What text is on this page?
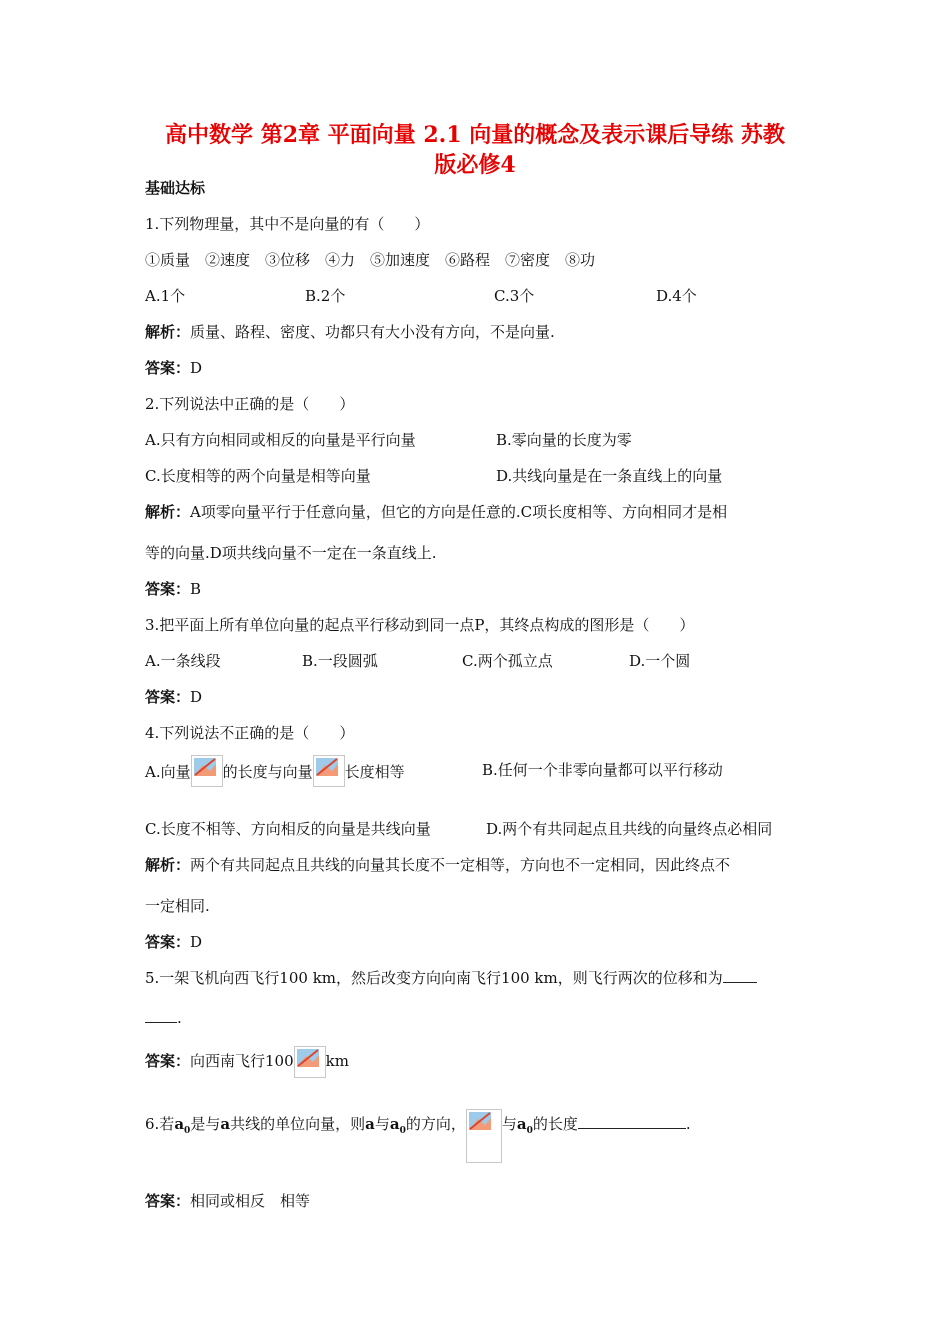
高中数学 第2章 平面向量 2.1 向量的概念及表示课后导练 苏教
版必修4
基础达标
1.下列物理量，其中不是向量的有（　　）
①质量　②速度　③位移　④力　⑤加速度　⑥路程　⑦密度　⑧功
A.1个	B.2个	C.3个	D.4个
解析：质量、路程、密度、功都只有大小没有方向，不是向量.
答案：D
2.下列说法中正确的是（　　）
A.只有方向相同或相反的向量是平行向量	B.零向量的长度为零
C.长度相等的两个向量是相等向量	D.共线向量是在一条直线上的向量
解析：A项零向量平行于任意向量，但它的方向是任意的.C项长度相等、方向相同才是相
等的向量.D项共线向量不一定在一条直线上.
答案：B
3.把平面上所有单位向量的起点平行移动到同一点P，其终点构成的图形是（　　）
A.一条线段	B.一段圆弧	C.两个孤立点	D.一个圆
答案：D
4.下列说法不正确的是（　　）
A.向量 的长度与向量 长度相等	B.任何一个非零向量都可以平行移动
C.长度不相等、方向相反的向量是共线向量	D.两个有共同起点且共线的向量终点必相同
解析：两个有共同起点且共线的向量其长度不一定相等，方向也不一定相同，因此终点不
一定相同.
答案：D
5.一架飞机向西飞行100 km，然后改变方向向南飞行100 km，则飞行两次的位移和为
.
答案：向西南飞行100 km
6.若$a_0$是与a共线的单位向量，则a与$a_0$的方向， 与$a_0$的长度	.
答案：相同或相反　相等
